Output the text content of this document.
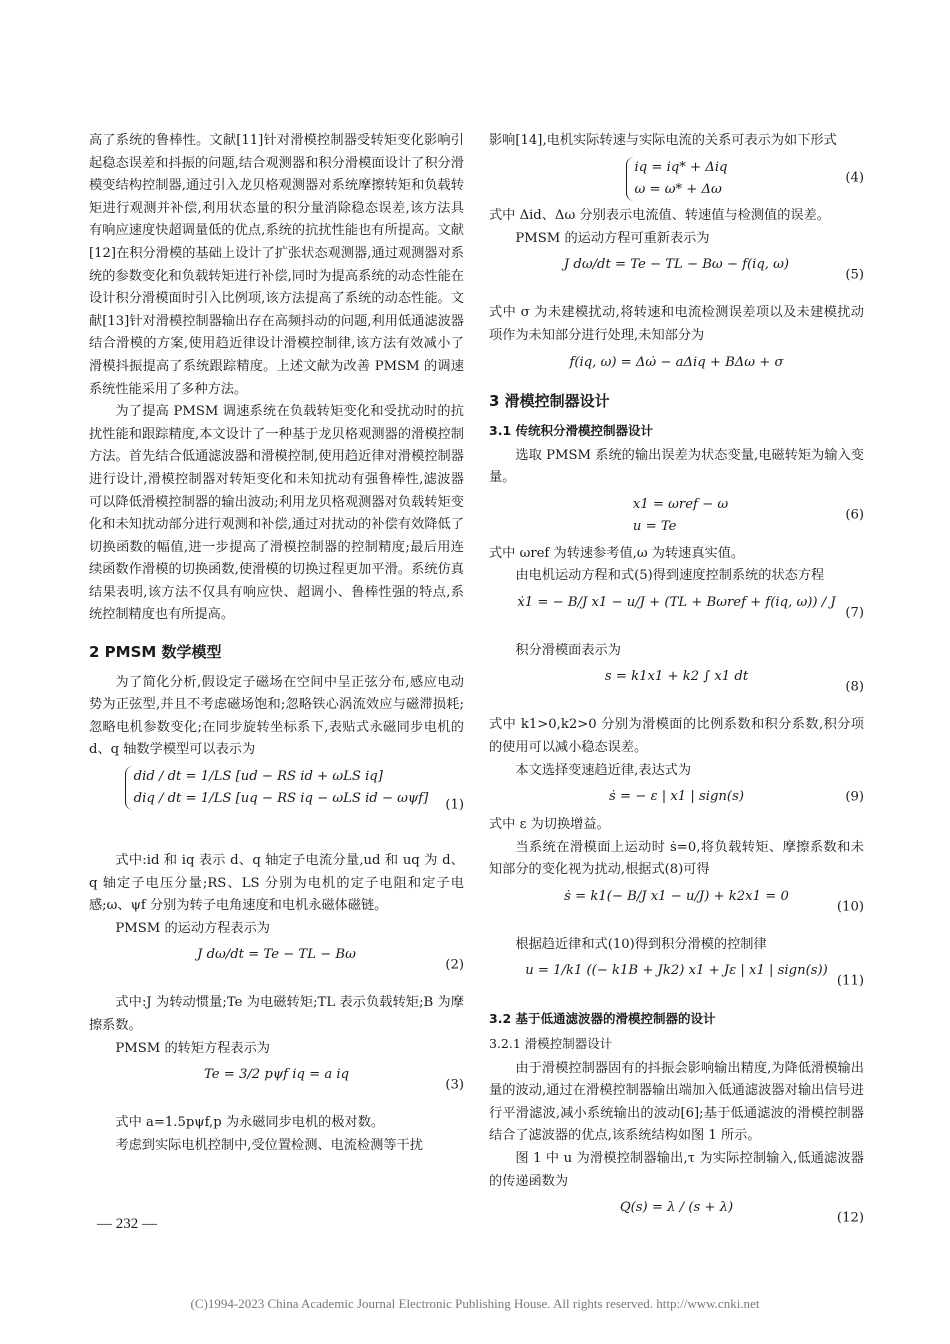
高了系统的鲁棒性。文献[11]针对滑模控制器受转矩变化影响引起稳态误差和抖振的问题,结合观测器和积分滑模面设计了积分滑模变结构控制器,通过引入龙贝格观测器对系统摩擦转矩和负载转矩进行观测并补偿,利用状态量的积分量消除稳态误差,该方法具有响应速度快超调量低的优点,系统的抗扰性能也有所提高。文献[12]在积分滑模的基础上设计了扩张状态观测器,通过观测器对系统的参数变化和负载转矩进行补偿,同时为提高系统的动态性能在设计积分滑模面时引入比例项,该方法提高了系统的动态性能。文献[13]针对滑模控制器输出存在高频抖动的问题,利用低通滤波器结合滑模的方案,使用趋近律设计滑模控制律,该方法有效减小了滑模抖振提高了系统跟踪精度。上述文献为改善 PMSM 的调速系统性能采用了多种方法。

为了提高 PMSM 调速系统在负载转矩变化和受扰动时的抗扰性能和跟踪精度,本文设计了一种基于龙贝格观测器的滑模控制方法。首先结合低通滤波器和滑模控制,使用趋近律对滑模控制器进行设计,滑模控制器对转矩变化和未知扰动有强鲁棒性,滤波器可以降低滑模控制器的输出波动;利用龙贝格观测器对负载转矩变化和未知扰动部分进行观测和补偿,通过对扰动的补偿有效降低了切换函数的幅值,进一步提高了滑模控制器的控制精度;最后用连续函数作滑模的切换函数,使滑模的切换过程更加平滑。系统仿真结果表明,该方法不仅具有响应快、超调小、鲁棒性强的特点,系统控制精度也有所提高。

2 PMSM 数学模型

为了简化分析,假设定子磁场在空间中呈正弦分布,感应电动势为正弦型,并且不考虑磁场饱和;忽略铁心涡流效应与磁滞损耗;忽略电机参数变化;在同步旋转坐标系下,表贴式永磁同步电机的 d、q 轴数学模型可以表示为

did / dt = 1/LS [ud − RS id + ωLS iq]
diq / dt = 1/LS [uq − RS iq − ωLS id − ωψf] (1)

式中:id 和 iq 表示 d、q 轴定子电流分量,ud 和 uq 为 d、q 轴定子电压分量;RS、LS 分别为电机的定子电阻和定子电感;ω、ψf 分别为转子电角速度和电机永磁体磁链。

PMSM 的运动方程表示为

J dω/dt = Te − TL − Bω
(2)

式中:J 为转动惯量;Te 为电磁转矩;TL 表示负载转矩;B 为摩擦系数。

PMSM 的转矩方程表示为

Te = 3/2 pψf iq = a iq
(3)

式中 a=1.5pψf,p 为永磁同步电机的极对数。

考虑到实际电机控制中,受位置检测、电流检测等干扰

影响[14],电机实际转速与实际电流的关系可表示为如下形式

iq = iq* + Δiq
ω = ω* + Δω
(4)

式中 Δid、Δω 分别表示电流值、转速值与检测值的误差。

PMSM 的运动方程可重新表示为

J dω/dt = Te − TL − Bω − f(iq, ω)
(5)

式中 σ 为未建模扰动,将转速和电流检测误差项以及未建模扰动项作为未知部分进行处理,未知部分为

f(iq, ω) = Δω̇ − aΔiq + BΔω + σ
3 滑模控制器设计
3.1 传统积分滑模控制器设计

选取 PMSM 系统的输出误差为状态变量,电磁转矩为输入变量。

x1 = ωref − ω
u = Te
(6)

式中 ωref 为转速参考值,ω 为转速真实值。

由电机运动方程和式(5)得到速度控制系统的状态方程

ẋ1 = − B/J x1 − u/J + (TL + Bωref + f(iq, ω)) / J
(7)

积分滑模面表示为

s = k1x1 + k2 ∫ x1 dt
(8)

式中 k1>0,k2>0 分别为滑模面的比例系数和积分系数,积分项的使用可以减小稳态误差。

本文选择变速趋近律,表达式为

ṡ = − ε | x1 | sign(s)	(9)

式中 ε 为切换增益。

当系统在滑模面上运动时 ṡ=0,将负载转矩、摩擦系数和未知部分的变化视为扰动,根据式(8)可得

ṡ = k1(− B/J x1 − u/J) + k2x1 = 0
(10)

根据趋近律和式(10)得到积分滑模的控制律

u = 1/k1 ((− k1B + Jk2) x1 + Jε | x1 | sign(s))
(11)
3.2 基于低通滤波器的滑模控制器的设计
3.2.1 滑模控制器设计

由于滑模控制器固有的抖振会影响输出精度,为降低滑模输出量的波动,通过在滑模控制器输出端加入低通滤波器对输出信号进行平滑滤波,减小系统输出的波动[6];基于低通滤波的滑模控制器结合了滤波器的优点,该系统结构如图 1 所示。

图 1 中 u 为滑模控制器输出,τ 为实际控制输入,低通滤波器的传递函数为

Q(s) = λ / (s + λ)
(12)
— 232 —
(C)1994-2023 China Academic Journal Electronic Publishing House. All rights reserved. http://www.cnki.net
